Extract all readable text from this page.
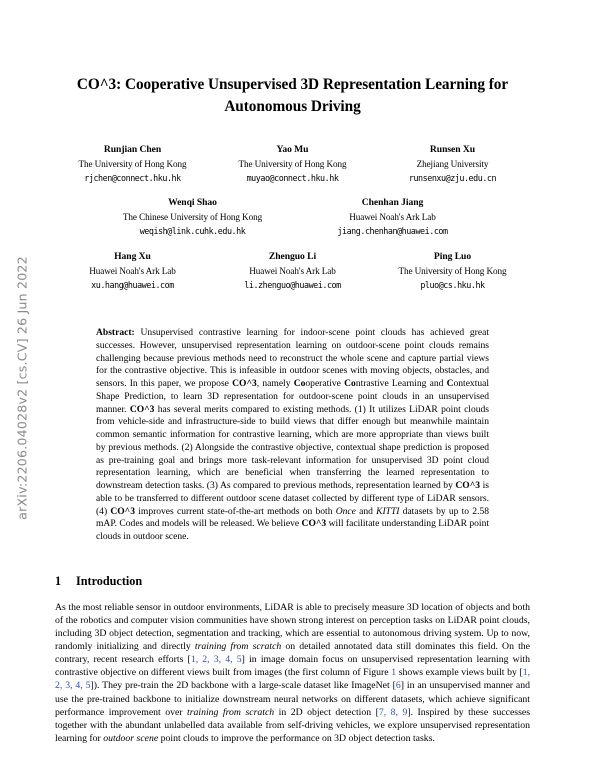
arXiv:2206.04028v2 [cs.CV] 26 Jun 2022
CO^3: Cooperative Unsupervised 3D Representation Learning for Autonomous Driving
Runjian Chen
The University of Hong Kong
rjchen@connect.hku.hk
Yao Mu
The University of Hong Kong
muyao@connect.hku.hk
Runsen Xu
Zhejiang University
runsenxu@zju.edu.cn
Wenqi Shao
The Chinese University of Hong Kong
weqish@link.cuhk.edu.hk
Chenhan Jiang
Huawei Noah's Ark Lab
jiang.chenhan@huawei.com
Hang Xu
Huawei Noah's Ark Lab
xu.hang@huawei.com
Zhenguo Li
Huawei Noah's Ark Lab
li.zhenguo@huawei.com
Ping Luo
The University of Hong Kong
pluo@cs.hku.hk
Abstract: Unsupervised contrastive learning for indoor-scene point clouds has achieved great successes. However, unsupervised representation learning on outdoor-scene point clouds remains challenging because previous methods need to reconstruct the whole scene and capture partial views for the contrastive objective. This is infeasible in outdoor scenes with moving objects, obstacles, and sensors. In this paper, we propose CO^3, namely Cooperative Contrastive Learning and Contextual Shape Prediction, to learn 3D representation for outdoor-scene point clouds in an unsupervised manner. CO^3 has several merits compared to existing methods. (1) It utilizes LiDAR point clouds from vehicle-side and infrastructure-side to build views that differ enough but meanwhile maintain common semantic information for contrastive learning, which are more appropriate than views built by previous methods. (2) Alongside the contrastive objective, contextual shape prediction is proposed as pre-training goal and brings more task-relevant information for unsupervised 3D point cloud representation learning, which are beneficial when transferring the learned representation to downstream detection tasks. (3) As compared to previous methods, representation learned by CO^3 is able to be transferred to different outdoor scene dataset collected by different type of LiDAR sensors. (4) CO^3 improves current state-of-the-art methods on both Once and KITTI datasets by up to 2.58 mAP. Codes and models will be released. We believe CO^3 will facilitate understanding LiDAR point clouds in outdoor scene.
1 Introduction

As the most reliable sensor in outdoor environments, LiDAR is able to precisely measure 3D location of objects and both of the robotics and computer vision communities have shown strong interest on perception tasks on LiDAR point clouds, including 3D object detection, segmentation and tracking, which are essential to autonomous driving system. Up to now, randomly initializing and directly training from scratch on detailed annotated data still dominates this field. On the contrary, recent research efforts [1, 2, 3, 4, 5] in image domain focus on unsupervised representation learning with contrastive objective on different views built from images (the first column of Figure 1 shows example views built by [1, 2, 3, 4, 5]). They pre-train the 2D backbone with a large-scale dataset like ImageNet [6] in an unsupervised manner and use the pre-trained backbone to initialize downstream neural networks on different datasets, which achieve significant performance improvement over training from scratch in 2D object detection [7, 8, 9]. Inspired by these successes together with the abundant unlabelled data available from self-driving vehicles, we explore unsupervised representation learning for outdoor scene point clouds to improve the performance on 3D object detection tasks.
